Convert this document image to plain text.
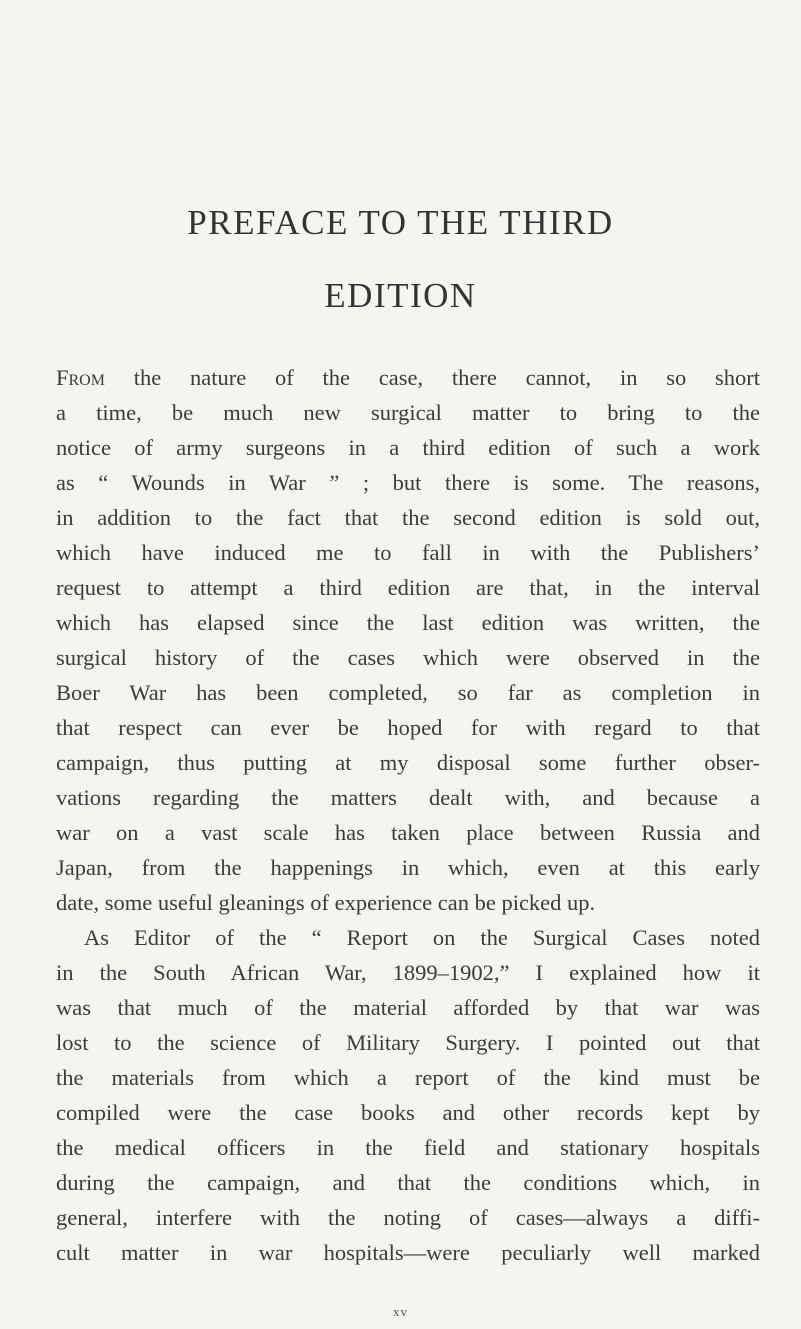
PREFACE TO THE THIRD
EDITION
From the nature of the case, there cannot, in so short
a time, be much new surgical matter to bring to the
notice of army surgeons in a third edition of such a work
as “ Wounds in War ” ; but there is some. The reasons,
in addition to the fact that the second edition is sold out,
which have induced me to fall in with the Publishers’
request to attempt a third edition are that, in the interval
which has elapsed since the last edition was written, the
surgical history of the cases which were observed in the
Boer War has been completed, so far as completion in
that respect can ever be hoped for with regard to that
campaign, thus putting at my disposal some further obser-
vations regarding the matters dealt with, and because a
war on a vast scale has taken place between Russia and
Japan, from the happenings in which, even at this early
date, some useful gleanings of experience can be picked up.
As Editor of the “ Report on the Surgical Cases noted
in the South African War, 1899–1902,” I explained how it
was that much of the material afforded by that war was
lost to the science of Military Surgery. I pointed out that
the materials from which a report of the kind must be
compiled were the case books and other records kept by
the medical officers in the field and stationary hospitals
during the campaign, and that the conditions which, in
general, interfere with the noting of cases—always a diffi-
cult matter in war hospitals—were peculiarly well marked
xv
